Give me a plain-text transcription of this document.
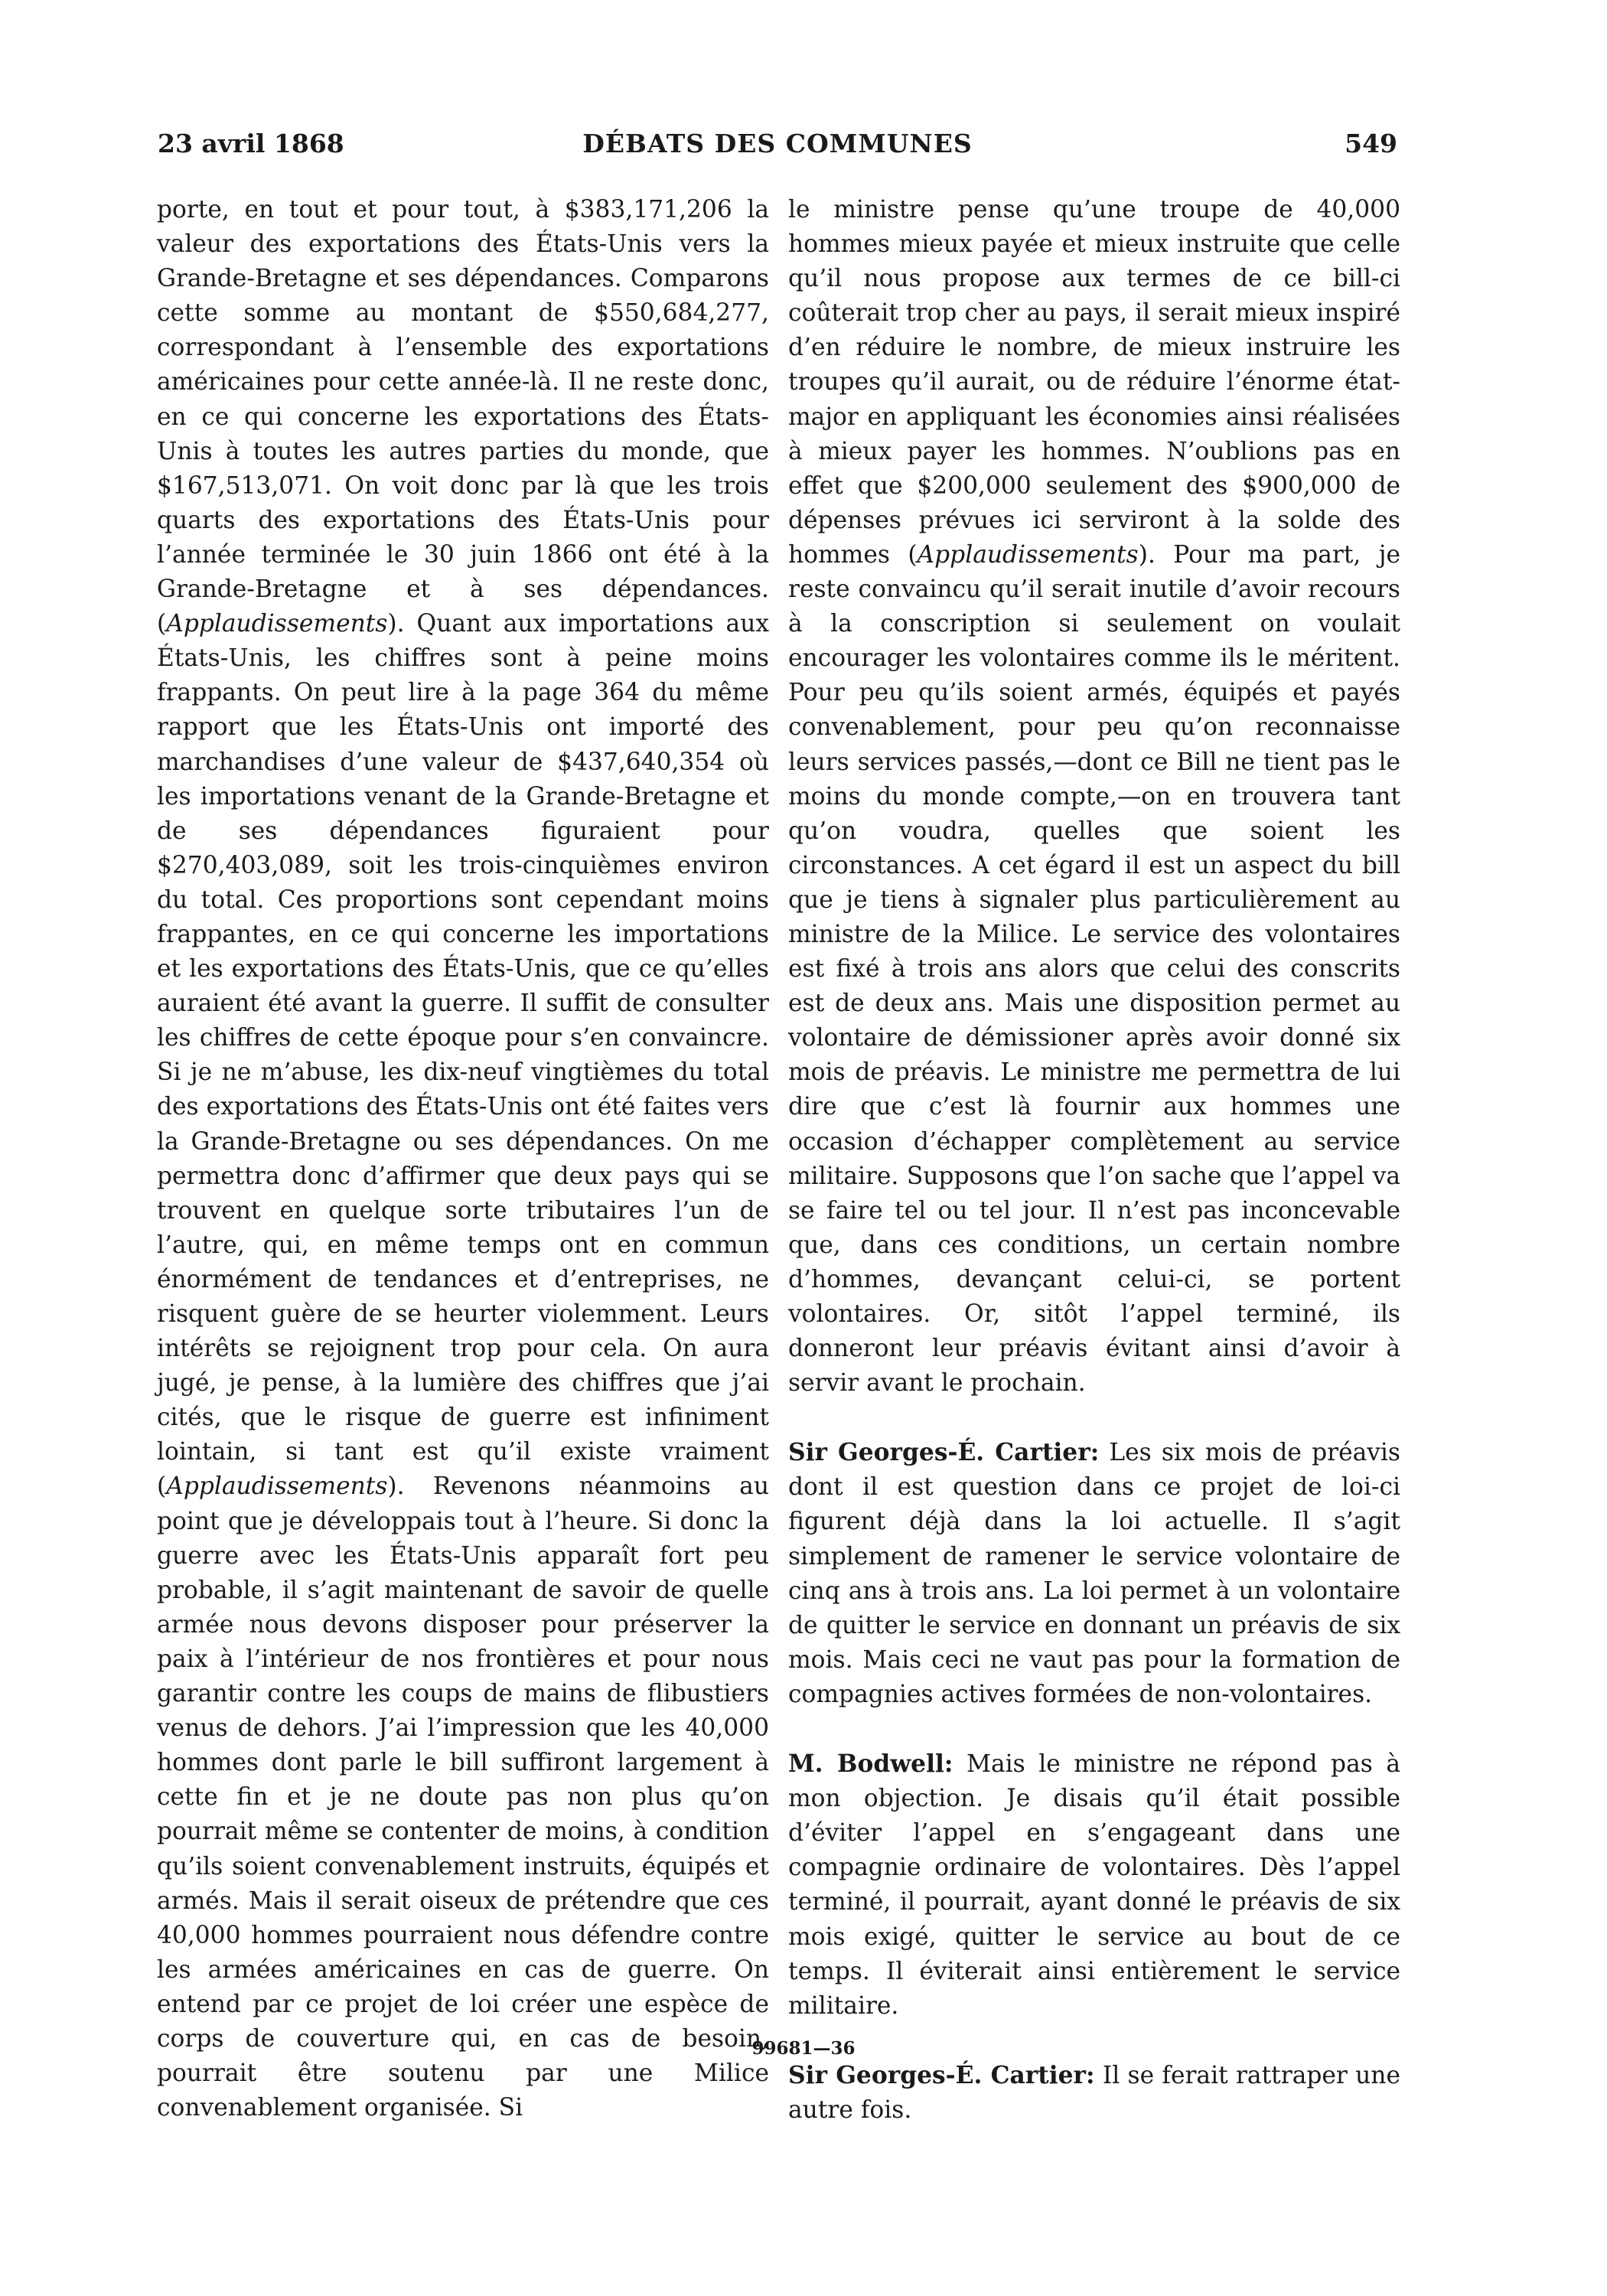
23 avril 1868	DÉBATS DES COMMUNES	549

porte, en tout et pour tout, à $383,171,206 la valeur des exportations des États-Unis vers la Grande-Bretagne et ses dépendances. Comparons cette somme au montant de $550,684,277, correspondant à l’ensemble des exportations américaines pour cette année-là. Il ne reste donc, en ce qui concerne les exportations des États-Unis à toutes les autres parties du monde, que $167,513,071. On voit donc par là que les trois quarts des exportations des États-Unis pour l’année terminée le 30 juin 1866 ont été à la Grande-Bretagne et à ses dépendances. (Applaudissements). Quant aux importations aux États-Unis, les chiffres sont à peine moins frappants. On peut lire à la page 364 du même rapport que les États-Unis ont importé des marchandises d’une valeur de $437,640,354 où les importations venant de la Grande-Bretagne et de ses dépendances figuraient pour $270,403,089, soit les trois-cinquièmes environ du total. Ces proportions sont cependant moins frappantes, en ce qui concerne les importations et les exportations des États-Unis, que ce qu’elles auraient été avant la guerre. Il suffit de consulter les chiffres de cette époque pour s’en convaincre. Si je ne m’abuse, les dix-neuf vingtièmes du total des exportations des États-Unis ont été faites vers la Grande-Bretagne ou ses dépendances. On me permettra donc d’affirmer que deux pays qui se trouvent en quelque sorte tributaires l’un de l’autre, qui, en même temps ont en commun énormément de tendances et d’entreprises, ne risquent guère de se heurter violemment. Leurs intérêts se rejoignent trop pour cela. On aura jugé, je pense, à la lumière des chiffres que j’ai cités, que le risque de guerre est infiniment lointain, si tant est qu’il existe vraiment (Applaudissements). Revenons néanmoins au point que je développais tout à l’heure. Si donc la guerre avec les États-Unis apparaît fort peu probable, il s’agit maintenant de savoir de quelle armée nous devons disposer pour préserver la paix à l’intérieur de nos frontières et pour nous garantir contre les coups de mains de flibustiers venus de dehors. J’ai l’impression que les 40,000 hommes dont parle le bill suffiront largement à cette fin et je ne doute pas non plus qu’on pourrait même se contenter de moins, à condition qu’ils soient convenablement instruits, équipés et armés. Mais il serait oiseux de prétendre que ces 40,000 hommes pourraient nous défendre contre les armées américaines en cas de guerre. On entend par ce projet de loi créer une espèce de corps de couverture qui, en cas de besoin, pourrait être soutenu par une Milice convenablement organisée. Si

le ministre pense qu’une troupe de 40,000 hommes mieux payée et mieux instruite que celle qu’il nous propose aux termes de ce bill-ci coûterait trop cher au pays, il serait mieux inspiré d’en réduire le nombre, de mieux instruire les troupes qu’il aurait, ou de réduire l’énorme état-major en appliquant les économies ainsi réalisées à mieux payer les hommes. N’oublions pas en effet que $200,000 seulement des $900,000 de dépenses prévues ici serviront à la solde des hommes (Applaudissements). Pour ma part, je reste convaincu qu’il serait inutile d’avoir recours à la conscription si seulement on voulait encourager les volontaires comme ils le méritent. Pour peu qu’ils soient armés, équipés et payés convenablement, pour peu qu’on reconnaisse leurs services passés,—dont ce Bill ne tient pas le moins du monde compte,—on en trouvera tant qu’on voudra, quelles que soient les circonstances. A cet égard il est un aspect du bill que je tiens à signaler plus particulièrement au ministre de la Milice. Le service des volontaires est fixé à trois ans alors que celui des conscrits est de deux ans. Mais une disposition permet au volontaire de démissioner après avoir donné six mois de préavis. Le ministre me permettra de lui dire que c’est là fournir aux hommes une occasion d’échapper complètement au service militaire. Supposons que l’on sache que l’appel va se faire tel ou tel jour. Il n’est pas inconcevable que, dans ces conditions, un certain nombre d’hommes, devançant celui-ci, se portent volontaires. Or, sitôt l’appel terminé, ils donneront leur préavis évitant ainsi d’avoir à servir avant le prochain.

Sir Georges-É. Cartier: Les six mois de préavis dont il est question dans ce projet de loi-ci figurent déjà dans la loi actuelle. Il s’agit simplement de ramener le service volontaire de cinq ans à trois ans. La loi permet à un volontaire de quitter le service en donnant un préavis de six mois. Mais ceci ne vaut pas pour la formation de compagnies actives formées de non-volontaires.

M. Bodwell: Mais le ministre ne répond pas à mon objection. Je disais qu’il était possible d’éviter l’appel en s’engageant dans une compagnie ordinaire de volontaires. Dès l’appel terminé, il pourrait, ayant donné le préavis de six mois exigé, quitter le service au bout de ce temps. Il éviterait ainsi entièrement le service militaire.

Sir Georges-É. Cartier: Il se ferait rattraper une autre fois.

99681—36
